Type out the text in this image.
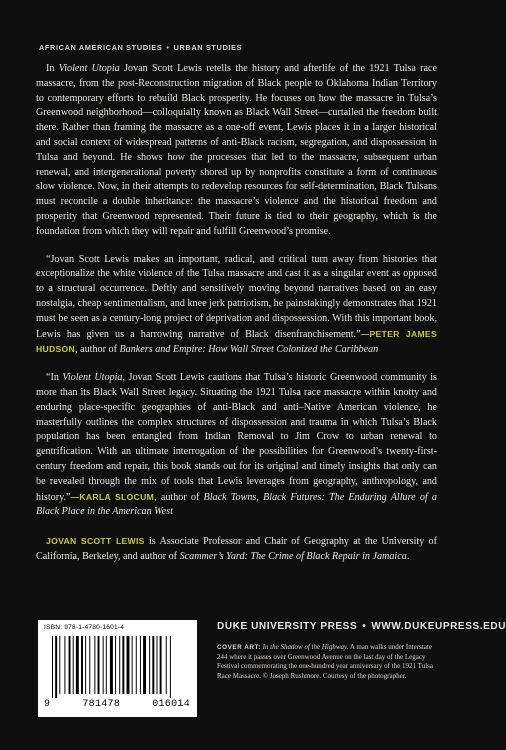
AFRICAN AMERICAN STUDIES • URBAN STUDIES

In Violent Utopia Jovan Scott Lewis retells the history and afterlife of the 1921 Tulsa race massacre, from the post-Reconstruction migration of Black people to Oklahoma Indian Territory to contemporary efforts to rebuild Black prosperity. He focuses on how the massacre in Tulsa’s Greenwood neighborhood—colloquially known as Black Wall Street—curtailed the freedom built there. Rather than framing the massacre as a one-off event, Lewis places it in a larger historical and social context of widespread patterns of anti-Black racism, segregation, and dispossession in Tulsa and beyond. He shows how the processes that led to the massacre, subsequent urban renewal, and intergenerational poverty shored up by nonprofits constitute a form of continuous slow violence. Now, in their attempts to redevelop resources for self-determination, Black Tulsans must reconcile a double inheritance: the massacre’s violence and the historical freedom and prosperity that Greenwood represented. Their future is tied to their geography, which is the foundation from which they will repair and fulfill Greenwood’s promise.

“Jovan Scott Lewis makes an important, radical, and critical turn away from histories that exceptionalize the white violence of the Tulsa massacre and cast it as a singular event as opposed to a structural occurrence. Deftly and sensitively moving beyond narratives based on an easy nostalgia, cheap sentimentalism, and knee jerk patriotism, he painstakingly demonstrates that 1921 must be seen as a century-long project of deprivation and dispossession. With this important book, Lewis has given us a harrowing narrative of Black disenfranchisement.”—PETER JAMES HUDSON, author of Bankers and Empire: How Wall Street Colonized the Caribbean

“In Violent Utopia, Jovan Scott Lewis cautions that Tulsa’s historic Greenwood community is more than its Black Wall Street legacy. Situating the 1921 Tulsa race massacre within knotty and enduring place-specific geographies of anti-Black and anti–Native American violence, he masterfully outlines the complex structures of dispossession and trauma in which Tulsa’s Black population has been entangled from Indian Removal to Jim Crow to urban renewal to gentrification. With an ultimate interrogation of the possibilities for Greenwood’s twenty-first-century freedom and repair, this book stands out for its original and timely insights that only can be revealed through the mix of tools that Lewis leverages from geography, anthropology, and history.”—KARLA SLOCUM, author of Black Towns, Black Futures: The Enduring Allure of a Black Place in the American West

JOVAN SCOTT LEWIS is Associate Professor and Chair of Geography at the University of California, Berkeley, and author of Scammer’s Yard: The Crime of Black Repair in Jamaica.

ISBN: 978-1-4780-1601-4
9	781478	016014
DUKE UNIVERSITY PRESS • WWW.DUKEUPRESS.EDU
COVER ART: In the Shadow of the Highway. A man walks under Interstate 244 where it passes over Greenwood Avenue on the last day of the Legacy Festival commemorating the one-hundred year anniversary of the 1921 Tulsa Race Massacre. © Joseph Rushmore. Courtesy of the photographer.
